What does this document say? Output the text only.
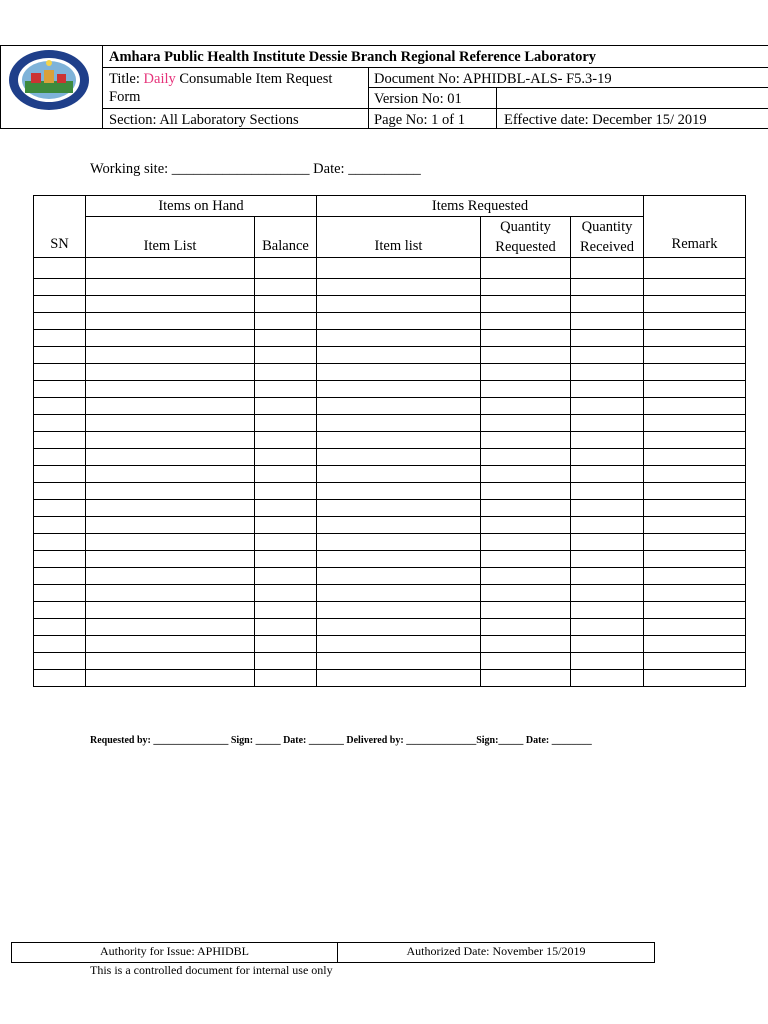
Amhara Public Health Institute Dessie Branch Regional Reference Laboratory
Title: Daily Consumable Item Request
Form
Document No: APHIDBL-ALS- F5.3-19
Version No: 01
Section: All Laboratory Sections	Page No: 1 of 1	Effective date: December 15/ 2019
Working site: ___________________ Date: __________
SN	Items on Hand		Items Requested			Remark
	Item List	Balance	Item list	Quantity Requested	Quantity Received	

Requested by: _______________ Sign: _____ Date: _______ Delivered by: ______________Sign:_____ Date: ________
Authority for Issue: APHIDBL	Authorized Date: November 15/2019
This is a controlled document for internal use only
